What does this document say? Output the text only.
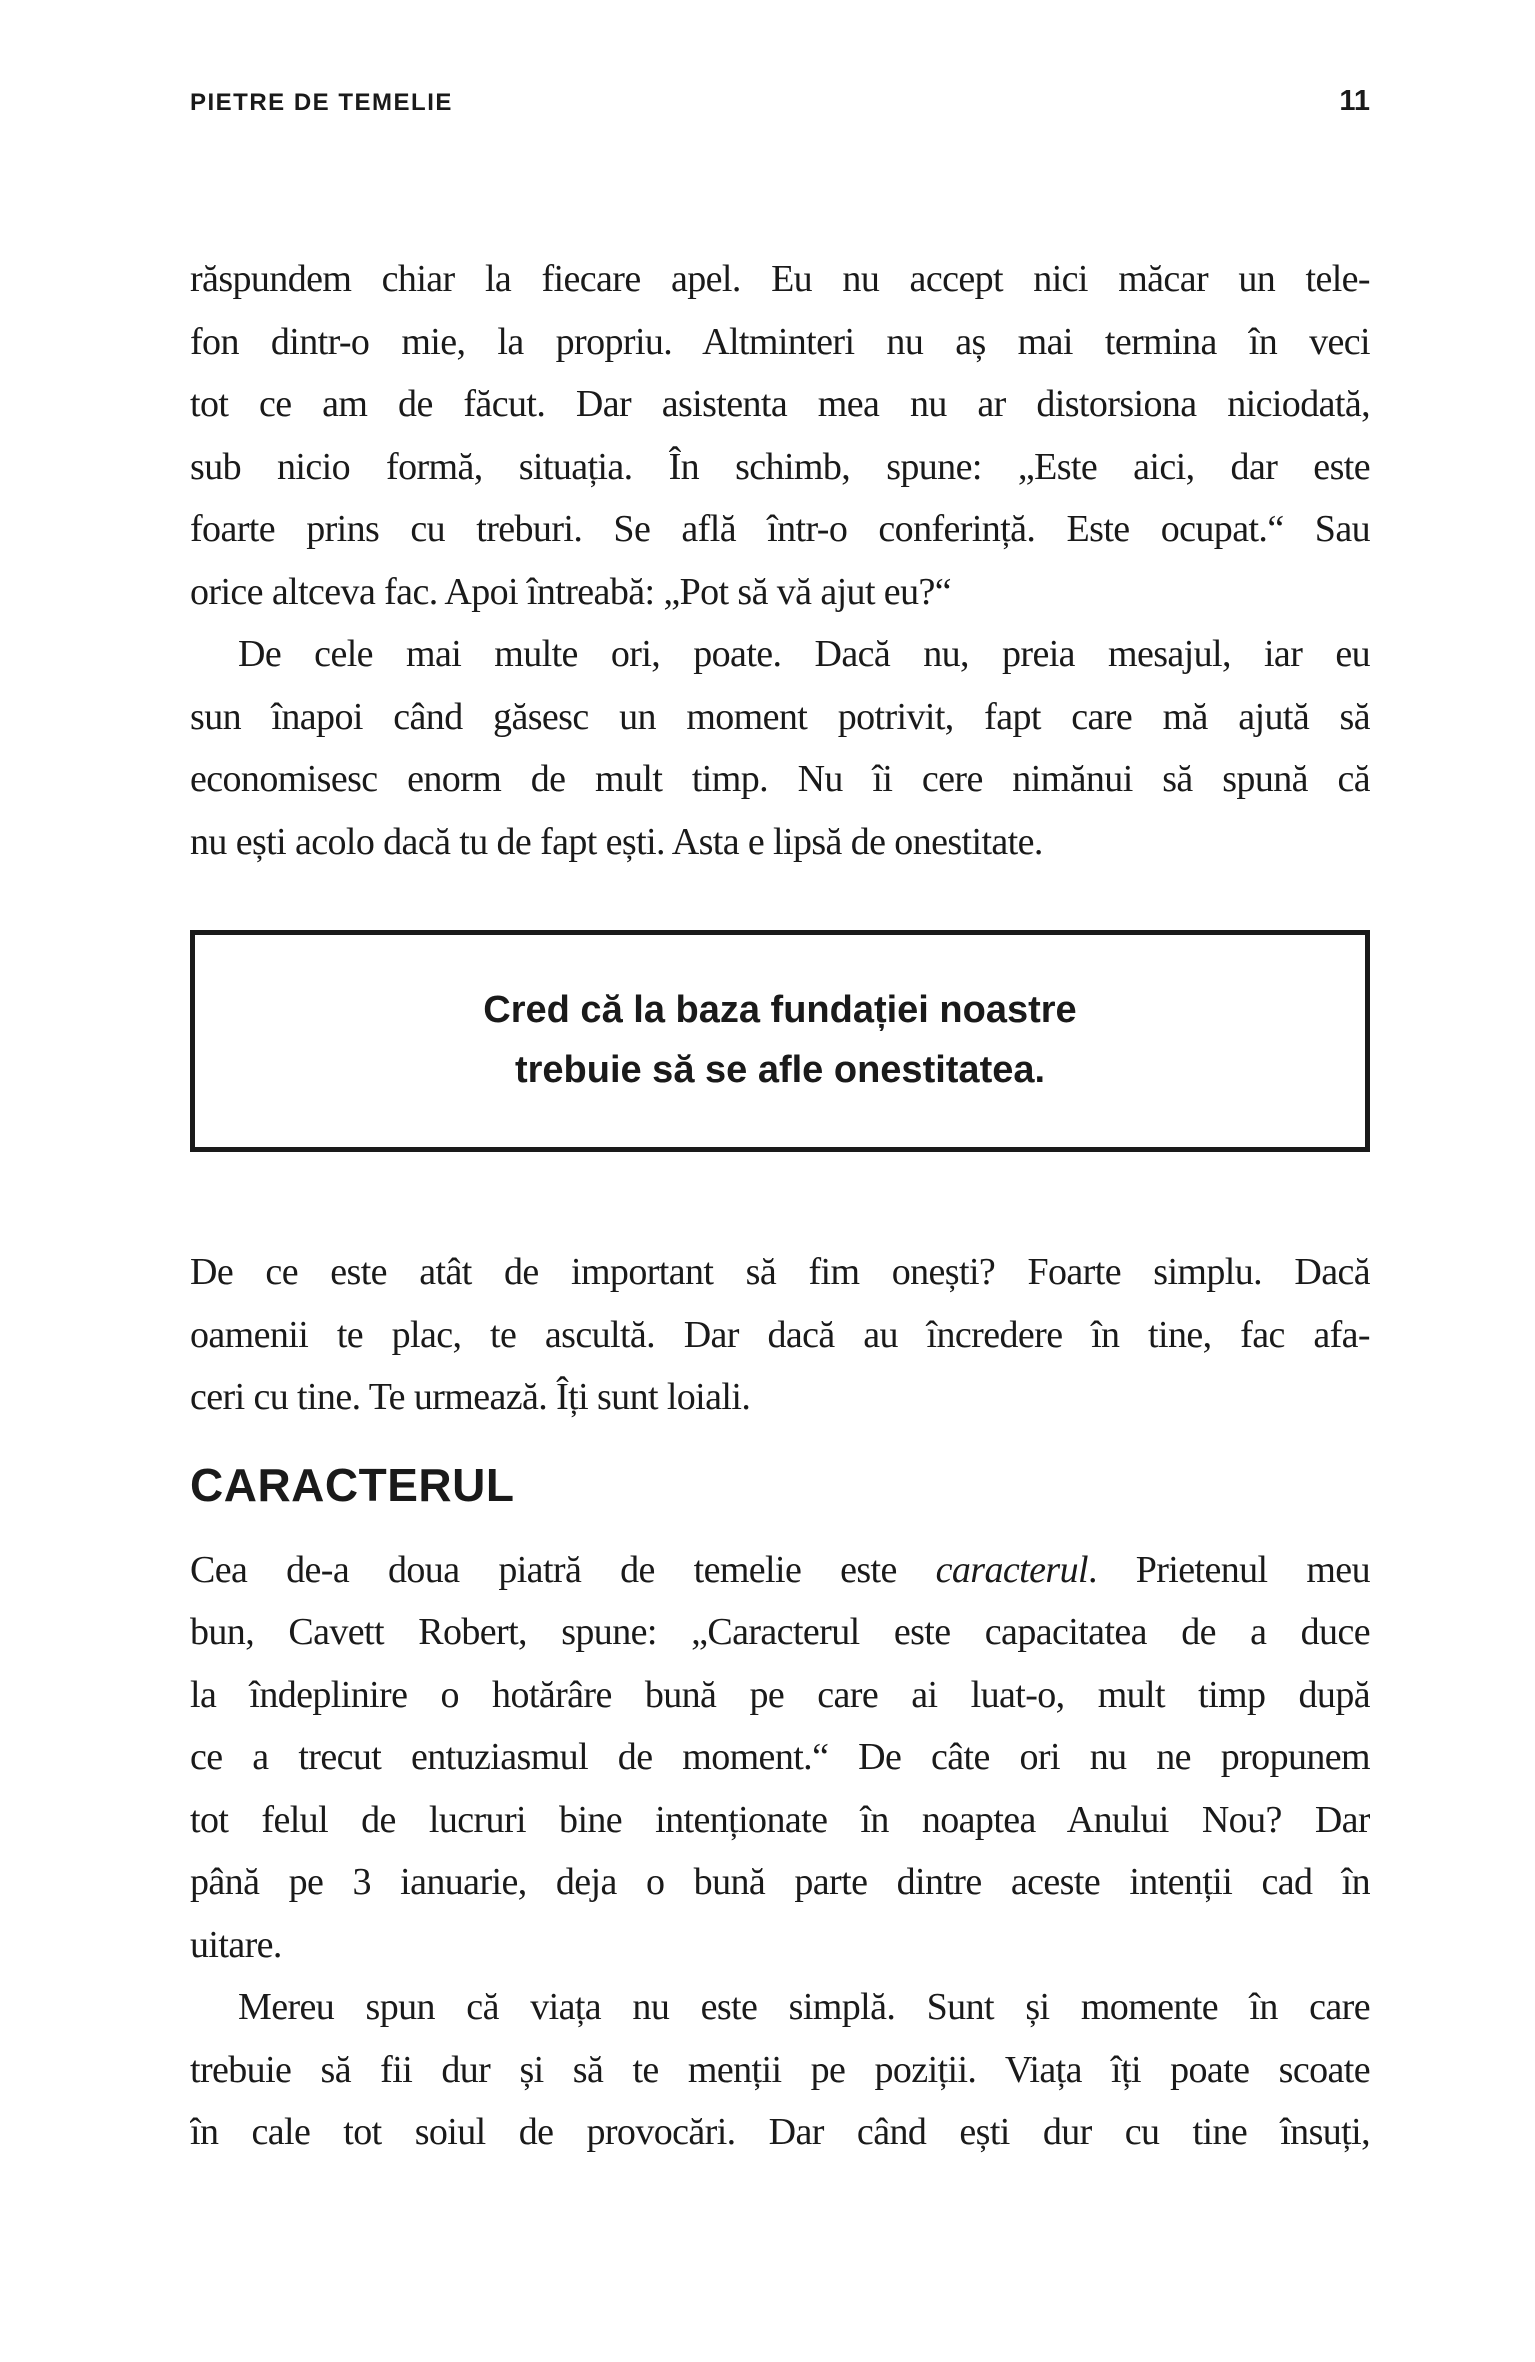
PIETRE DE TEMELIE	11
răspundem chiar la fiecare apel. Eu nu accept nici măcar un tele-
fon dintr-o mie, la propriu. Altminteri nu aș mai termina în veci
tot ce am de făcut. Dar asistenta mea nu ar distorsiona niciodată,
sub nicio formă, situația. În schimb, spune: „Este aici, dar este
foarte prins cu treburi. Se află într-o conferință. Este ocupat.“ Sau
orice altceva fac. Apoi întreabă: „Pot să vă ajut eu?“
De cele mai multe ori, poate. Dacă nu, preia mesajul, iar eu
sun înapoi când găsesc un moment potrivit, fapt care mă ajută să
economisesc enorm de mult timp. Nu îi cere nimănui să spună că
nu ești acolo dacă tu de fapt ești. Asta e lipsă de onestitate.
Cred că la baza fundației noastre
trebuie să se afle onestitatea.
De ce este atât de important să fim onești? Foarte simplu. Dacă
oamenii te plac, te ascultă. Dar dacă au încredere în tine, fac afa-
ceri cu tine. Te urmează. Îți sunt loiali.
CARACTERUL
Cea de-a doua piatră de temelie este caracterul. Prietenul meu
bun, Cavett Robert, spune: „Caracterul este capacitatea de a duce
la îndeplinire o hotărâre bună pe care ai luat-o, mult timp după
ce a trecut entuziasmul de moment.“ De câte ori nu ne propunem
tot felul de lucruri bine intenționate în noaptea Anului Nou? Dar
până pe 3 ianuarie, deja o bună parte dintre aceste intenții cad în
uitare.
Mereu spun că viața nu este simplă. Sunt și momente în care
trebuie să fii dur și să te menții pe poziții. Viața îți poate scoate
în cale tot soiul de provocări. Dar când ești dur cu tine însuți,
